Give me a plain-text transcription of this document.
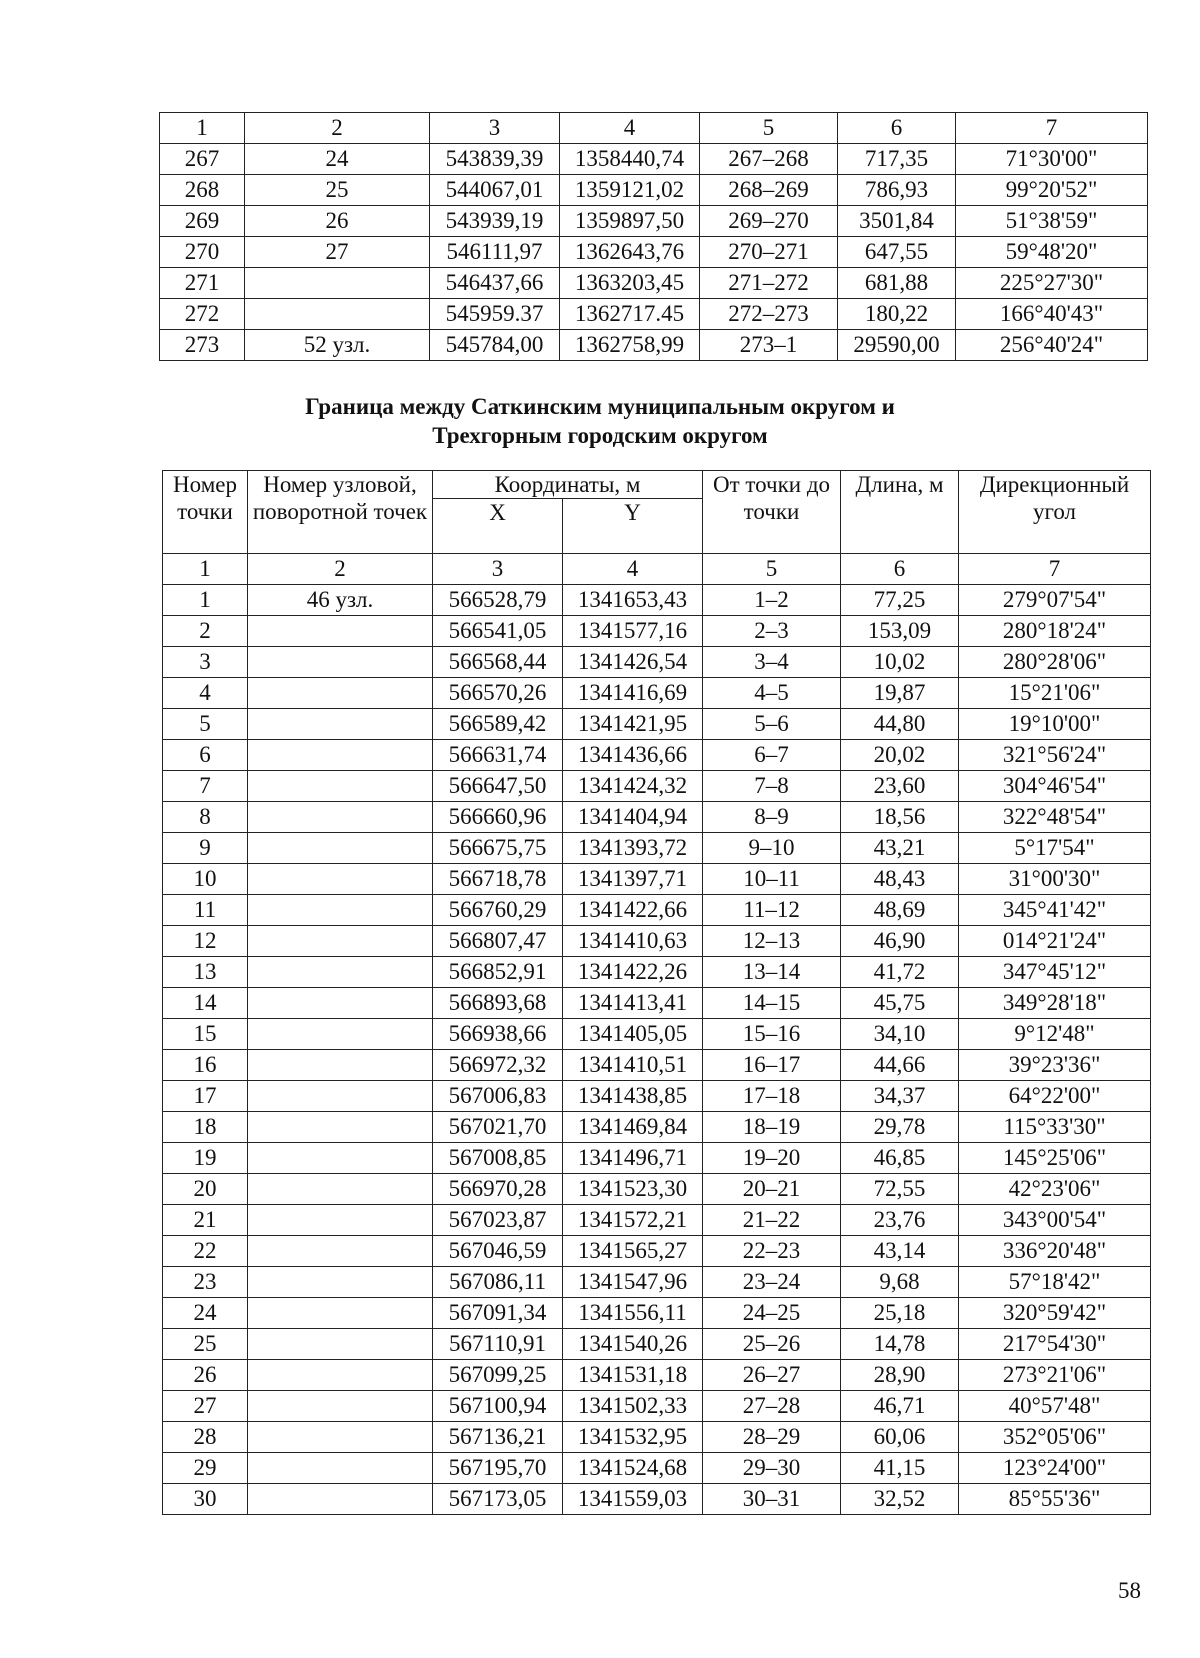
1	2	3	4	5	6	7
267	24	543839,39	1358440,74	267–268	717,35	71°30'00"
268	25	544067,01	1359121,02	268–269	786,93	99°20'52"
269	26	543939,19	1359897,50	269–270	3501,84	51°38'59"
270	27	546111,97	1362643,76	270–271	647,55	59°48'20"
271		546437,66	1363203,45	271–272	681,88	225°27'30"
272		545959.37	1362717.45	272–273	180,22	166°40'43"
273	52 узл.	545784,00	1362758,99	273–1	29590,00	256°40'24"
Граница между Саткинским муниципальным округом и
Трехгорным городским округом
Номер точки	Номер узловой, поворотной точек	Координаты, м		От точки до точки	Длина, м	Дирекционный угол
		X	Y			
1	2	3	4	5	6	7
1	46 узл.	566528,79	1341653,43	1–2	77,25	279°07'54"
2		566541,05	1341577,16	2–3	153,09	280°18'24"
3		566568,44	1341426,54	3–4	10,02	280°28'06"
4		566570,26	1341416,69	4–5	19,87	15°21'06"
5		566589,42	1341421,95	5–6	44,80	19°10'00"
6		566631,74	1341436,66	6–7	20,02	321°56'24"
7		566647,50	1341424,32	7–8	23,60	304°46'54"
8		566660,96	1341404,94	8–9	18,56	322°48'54"
9		566675,75	1341393,72	9–10	43,21	5°17'54"
10		566718,78	1341397,71	10–11	48,43	31°00'30"
11		566760,29	1341422,66	11–12	48,69	345°41'42"
12		566807,47	1341410,63	12–13	46,90	014°21'24"
13		566852,91	1341422,26	13–14	41,72	347°45'12"
14		566893,68	1341413,41	14–15	45,75	349°28'18"
15		566938,66	1341405,05	15–16	34,10	9°12'48"
16		566972,32	1341410,51	16–17	44,66	39°23'36"
17		567006,83	1341438,85	17–18	34,37	64°22'00"
18		567021,70	1341469,84	18–19	29,78	115°33'30"
19		567008,85	1341496,71	19–20	46,85	145°25'06"
20		566970,28	1341523,30	20–21	72,55	42°23'06"
21		567023,87	1341572,21	21–22	23,76	343°00'54"
22		567046,59	1341565,27	22–23	43,14	336°20'48"
23		567086,11	1341547,96	23–24	9,68	57°18'42"
24		567091,34	1341556,11	24–25	25,18	320°59'42"
25		567110,91	1341540,26	25–26	14,78	217°54'30"
26		567099,25	1341531,18	26–27	28,90	273°21'06"
27		567100,94	1341502,33	27–28	46,71	40°57'48"
28		567136,21	1341532,95	28–29	60,06	352°05'06"
29		567195,70	1341524,68	29–30	41,15	123°24'00"
30		567173,05	1341559,03	30–31	32,52	85°55'36"
58
